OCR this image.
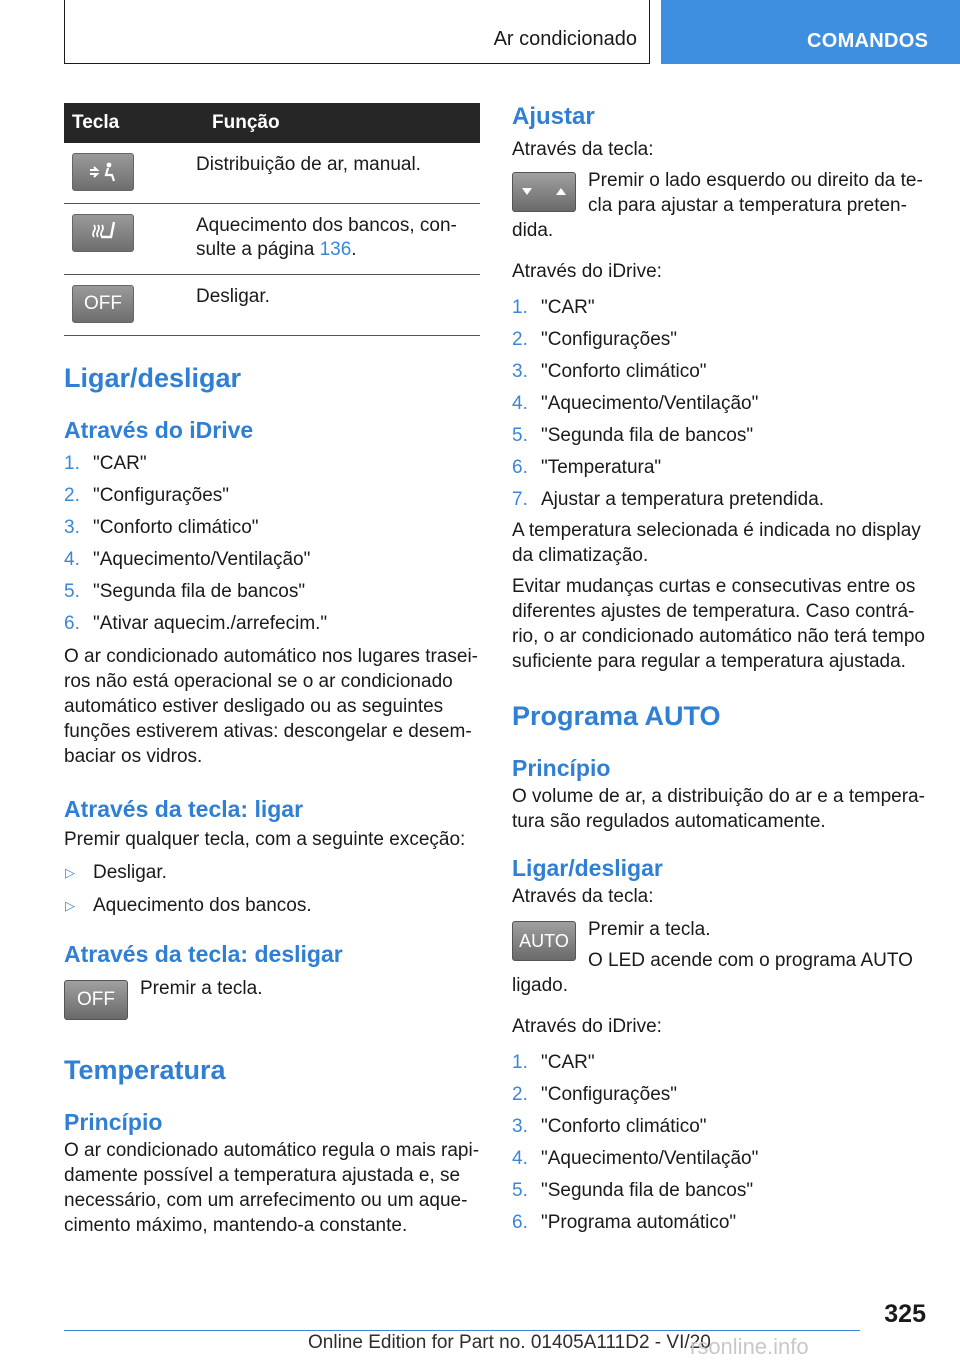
Ar condicionado	COMANDOS
Tecla	Função

	Distribuição de ar, manual.

	Aquecimento dos bancos, con-sulte a página 136.

OFF	Desligar.
Ligar/desligar
Através do iDrive
1. "CAR"
2. "Configurações"
3. "Conforto climático"
4. "Aquecimento/Ventilação"
5. "Segunda fila de bancos"
6. "Ativar aquecim./arrefecim."

O ar condicionado automático nos lugares trasei-ros não está operacional se o ar condicionado automático estiver desligado ou as seguintes funções estiverem ativas: descongelar e desem-baciar os vidros.

Através da tecla: ligar

Premir qualquer tecla, com a seguinte exceção:

▷ Desligar.
▷ Aquecimento dos bancos.
Através da tecla: desligar
OFF

Premir a tecla.

Temperatura
Princípio

O ar condicionado automático regula o mais rapi-damente possível a temperatura ajustada e, se necessário, com um arrefecimento ou um aque-cimento máximo, mantendo-a constante.

Ajustar

Através da tecla:

Premir o lado esquerdo ou direito da te-cla para ajustar a temperatura preten-dida.

Através do iDrive:

1. "CAR"
2. "Configurações"
3. "Conforto climático"
4. "Aquecimento/Ventilação"
5. "Segunda fila de bancos"
6. "Temperatura"
7. Ajustar a temperatura pretendida.

A temperatura selecionada é indicada no display da climatização.

Evitar mudanças curtas e consecutivas entre os diferentes ajustes de temperatura. Caso contrá-rio, o ar condicionado automático não terá tempo suficiente para regular a temperatura ajustada.

Programa AUTO
Princípio

O volume de ar, a distribuição do ar e a tempera-tura são regulados automaticamente.

Ligar/desligar

Através da tecla:

AUTO

Premir a tecla.

O LED acende com o programa AUTO ligado.

Através do iDrive:

1. "CAR"
2. "Configurações"
3. "Conforto climático"
4. "Aquecimento/Ventilação"
5. "Segunda fila de bancos"
6. "Programa automático"
325
Online Edition for Part no. 01405A111D2 - VI/20
rsonline.info
